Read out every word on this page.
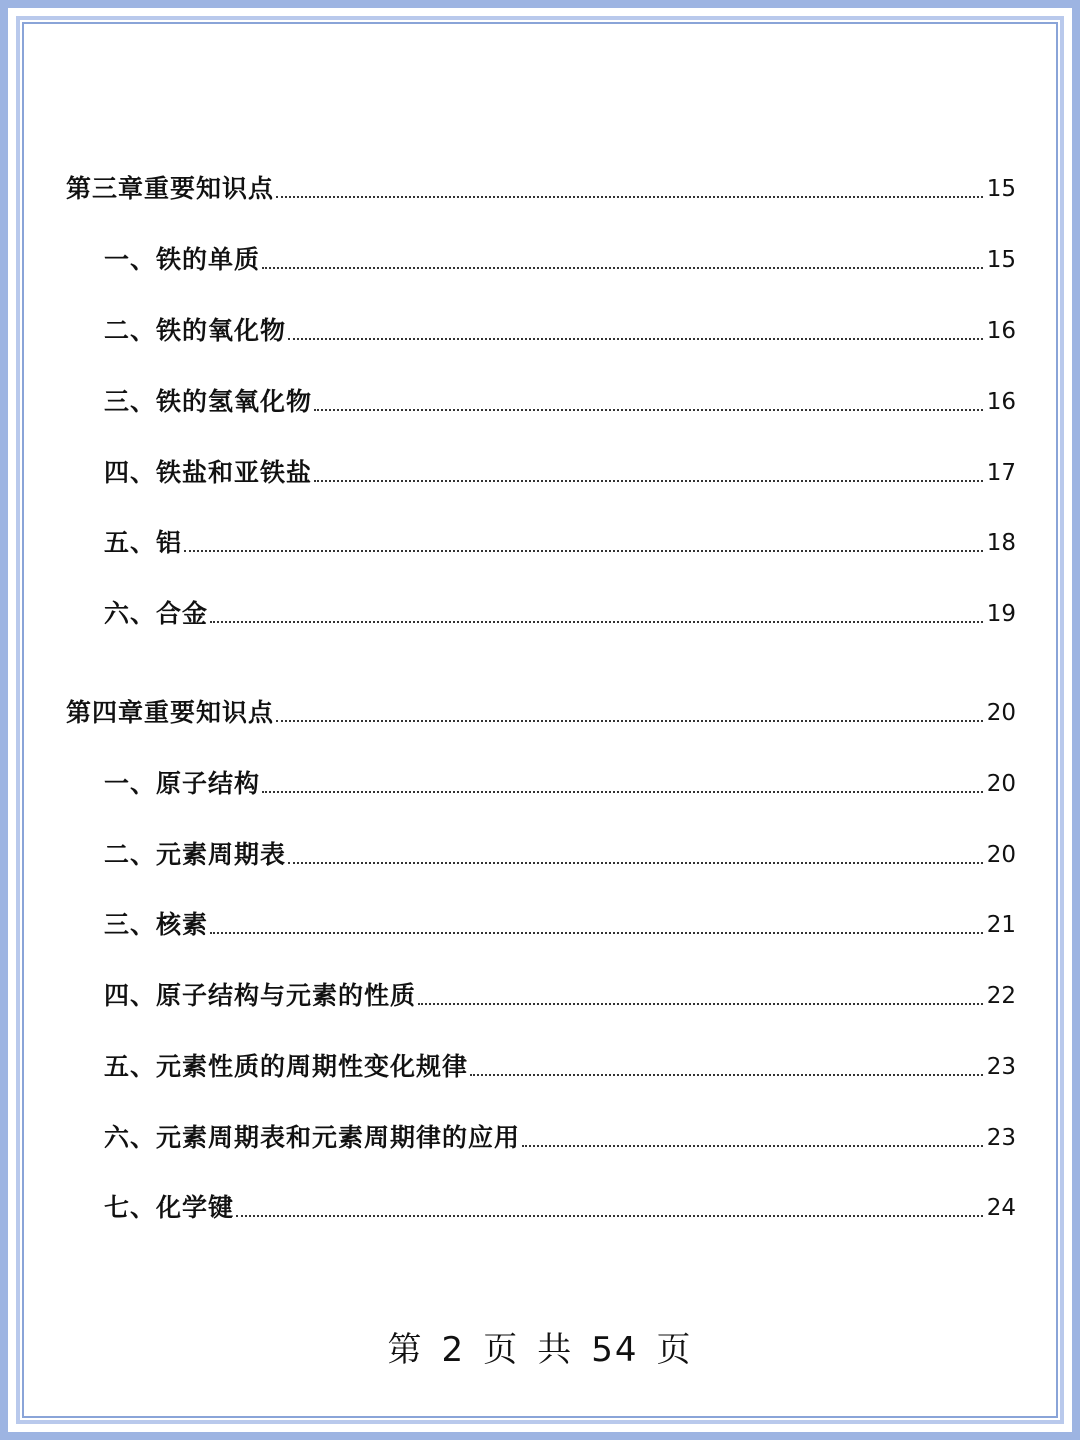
第三章重要知识点	15
一、铁的单质	15
二、铁的氧化物	16
三、铁的氢氧化物	16
四、铁盐和亚铁盐	17
五、铝	18
六、合金	19
第四章重要知识点	20
一、原子结构	20
二、元素周期表	20
三、核素	21
四、原子结构与元素的性质	22
五、元素性质的周期性变化规律	23
六、元素周期表和元素周期律的应用	23
七、化学键	24
第 2 页 共 54 页
